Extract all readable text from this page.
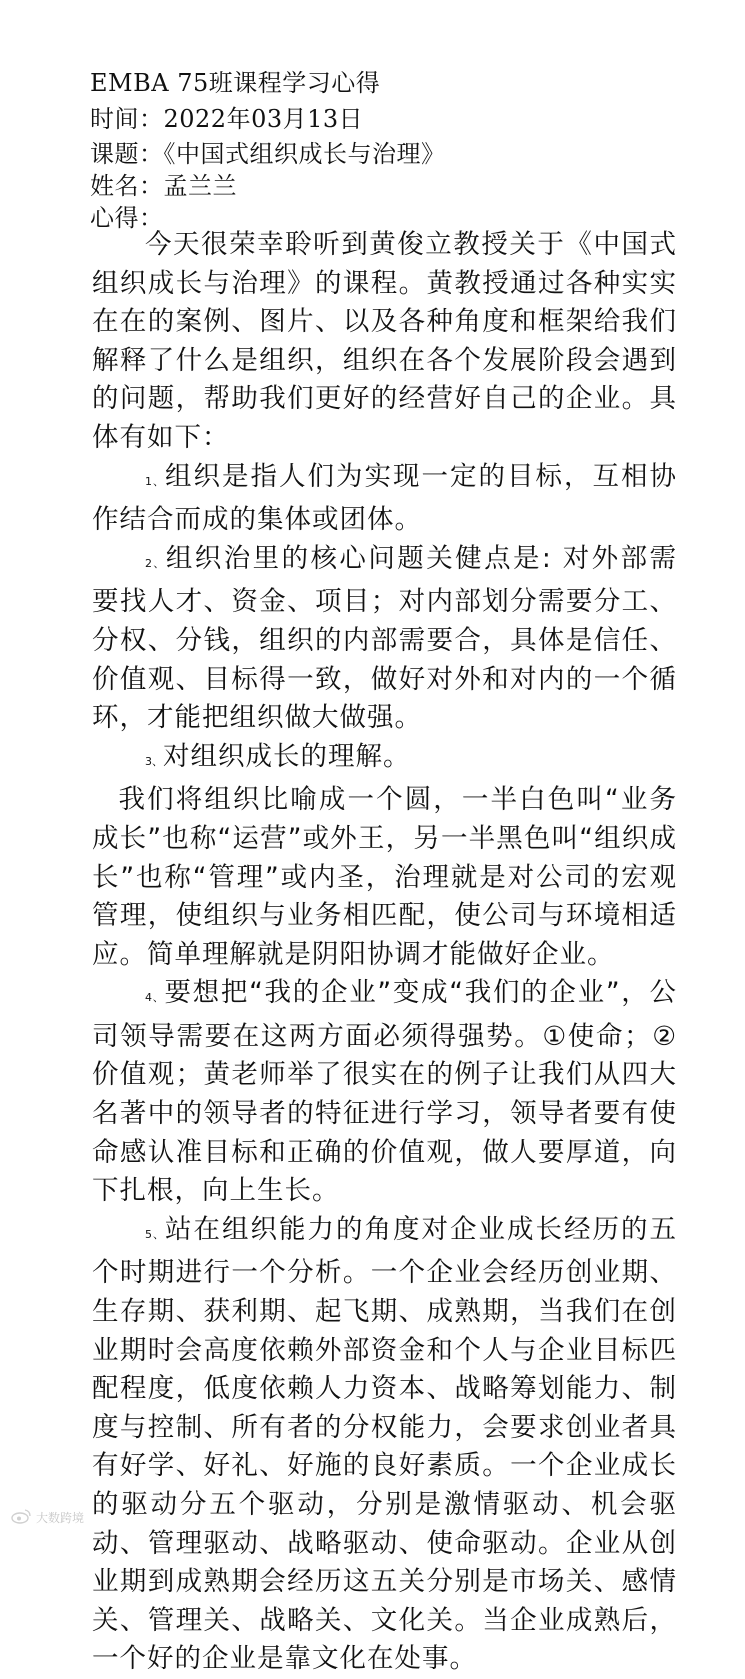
EMBA 75班课程学习心得
时间：2022年03月13日
课题：《中国式组织成长与治理》
姓名：孟兰兰
心得：

今天很荣幸聆听到黄俊立教授关于《中国式组织成长与治理》的课程。黄教授通过各种实实在在的案例、图片、以及各种角度和框架给我们解释了什么是组织，组织在各个发展阶段会遇到的问题，帮助我们更好的经营好自己的企业。具体有如下：

1、组织是指人们为实现一定的目标，互相协作结合而成的集体或团体。

2、组织治里的核心问题关健点是: 对外部需要找人才、资金、项目；对内部划分需要分工、分权、分钱，组织的内部需要合，具体是信任、价值观、目标得一致，做好对外和对内的一个循环，才能把组织做大做强。

3、对组织成长的理解。

我们将组织比喻成一个圆，一半白色叫“业务成长”也称“运营”或外王，另一半黑色叫“组织成长”也称“管理”或内圣，治理就是对公司的宏观管理，使组织与业务相匹配，使公司与环境相适应。简单理解就是阴阳协调才能做好企业。

4、要想把“我的企业”变成“我们的企业”，公司领导需要在这两方面必须得强势。①使命；②价值观；黄老师举了很实在的例子让我们从四大名著中的领导者的特征进行学习，领导者要有使命感认准目标和正确的价值观，做人要厚道，向下扎根，向上生长。

5、站在组织能力的角度对企业成长经历的五个时期进行一个分析。一个企业会经历创业期、生存期、获利期、起飞期、成熟期，当我们在创业期时会高度依赖外部资金和个人与企业目标匹配程度，低度依赖人力资本、战略筹划能力、制度与控制、所有者的分权能力，会要求创业者具有好学、好礼、好施的良好素质。一个企业成长的驱动分五个驱动，分别是激情驱动、机会驱动、管理驱动、战略驱动、使命驱动。企业从创业期到成熟期会经历这五关分别是市场关、感情关、管理关、战略关、文化关。当企业成熟后，一个好的企业是靠文化在处事。

大数跨境
